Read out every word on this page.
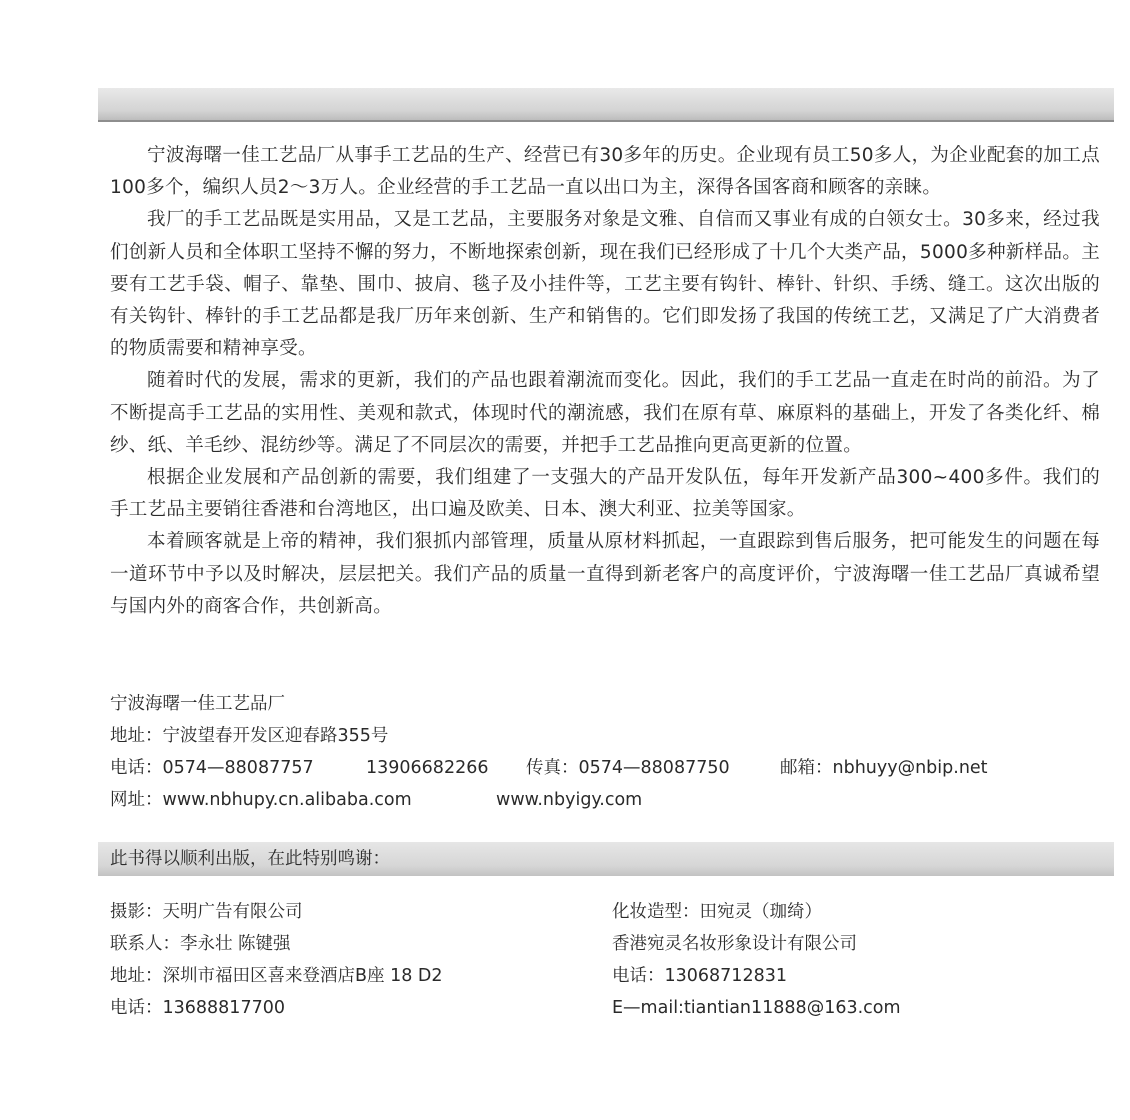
宁波海曙一佳工艺品厂从事手工艺品的生产、经营已有30多年的历史。企业现有员工50多人，为企业配套的加工点100多个，编织人员2～3万人。企业经营的手工艺品一直以出口为主，深得各国客商和顾客的亲睐。

我厂的手工艺品既是实用品，又是工艺品，主要服务对象是文雅、自信而又事业有成的白领女士。30多来，经过我们创新人员和全体职工坚持不懈的努力，不断地探索创新，现在我们已经形成了十几个大类产品，5000多种新样品。主要有工艺手袋、帽子、靠垫、围巾、披肩、毯子及小挂件等，工艺主要有钩针、棒针、针织、手绣、缝工。这次出版的有关钩针、棒针的手工艺品都是我厂历年来创新、生产和销售的。它们即发扬了我国的传统工艺，又满足了广大消费者的物质需要和精神享受。

随着时代的发展，需求的更新，我们的产品也跟着潮流而变化。因此，我们的手工艺品一直走在时尚的前沿。为了不断提高手工艺品的实用性、美观和款式，体现时代的潮流感，我们在原有草、麻原料的基础上，开发了各类化纤、棉纱、纸、羊毛纱、混纺纱等。满足了不同层次的需要，并把手工艺品推向更高更新的位置。

根据企业发展和产品创新的需要，我们组建了一支强大的产品开发队伍，每年开发新产品300~400多件。我们的手工艺品主要销往香港和台湾地区，出口遍及欧美、日本、澳大利亚、拉美等国家。

本着顾客就是上帝的精神，我们狠抓内部管理，质量从原材料抓起，一直跟踪到售后服务，把可能发生的问题在每一道环节中予以及时解决，层层把关。我们产品的质量一直得到新老客户的高度评价，宁波海曙一佳工艺品厂真诚希望与国内外的商客合作，共创新高。

宁波海曙一佳工艺品厂
地址：宁波望春开发区迎春路355号
电话：0574—88087757	13906682266 传真：0574—88087750	邮箱：nbhuyy@nbip.net
网址：www.nbhupy.cn.alibaba.com	www.nbyigy.com
此书得以顺利出版，在此特别鸣谢：
摄影：天明广告有限公司
联系人：李永壮 陈键强
地址：深圳市福田区喜来登酒店B座 18 D2
电话：13688817700
化妆造型：田宛灵（珈绮）
香港宛灵名妆形象设计有限公司
电话：13068712831
E—mail:tiantian11888@163.com
